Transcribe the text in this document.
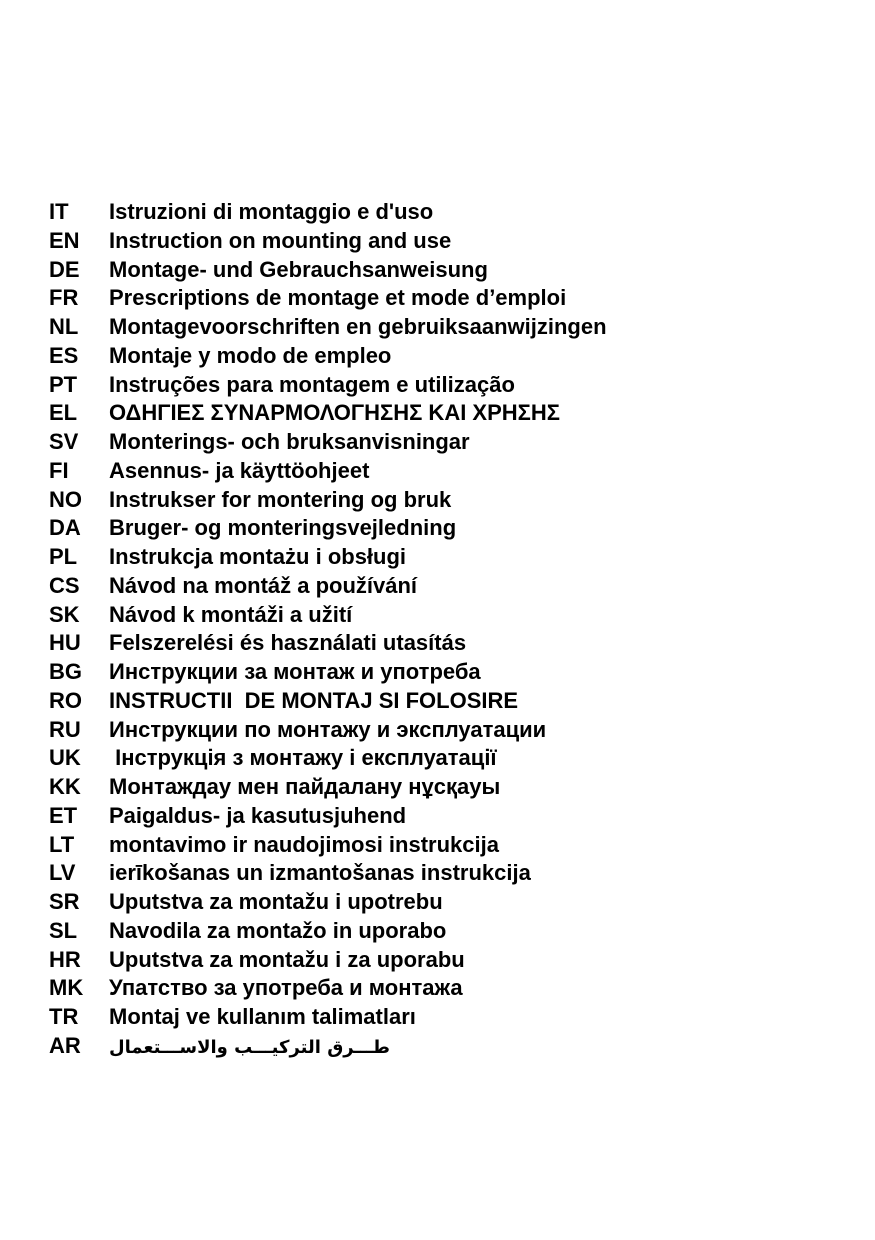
IT	Istruzioni di montaggio e d'uso
EN	Instruction on mounting and use
DE	Montage- und Gebrauchsanweisung
FR	Prescriptions de montage et mode d’emploi
NL	Montagevoorschriften en gebruiksaanwijzingen
ES	Montaje y modo de empleo
PT	Instruções para montagem e utilização
EL	ΟΔΗΓΙΕΣ ΣΥΝΑΡΜΟΛΟΓΗΣΗΣ ΚΑΙ ΧΡΗΣΗΣ
SV	Monterings- och bruksanvisningar
FI	Asennus- ja käyttöohjeet
NO	Instrukser for montering og bruk
DA	Bruger- og monteringsvejledning
PL	Instrukcja montażu i obsługi
CS	Návod na montáž a používání
SK	Návod k montáži a užití
HU	Felszerelési és használati utasítás
BG	Инструкции за монтаж и употреба
RO	INSTRUCTII  DE MONTAJ SI FOLOSIRE
RU	Инструкции по монтажу и эксплуатации
UK	Інструкція з монтажу і експлуатації
KK	Монтаждау мен пайдалану нұсқауы
ET	Paigaldus- ja kasutusjuhend
LT	montavimo ir naudojimosi instrukcija
LV	ierīkošanas un izmantošanas instrukcija
SR	Uputstva za montažu i upotrebu
SL	Navodila za montažo in uporabo
HR	Uputstva za montažu i za uporabu
MK	Упатство за употреба и монтажа
TR	Montaj ve kullanım talimatları
AR	طـــرق التركيـــب والاســـتعمال
